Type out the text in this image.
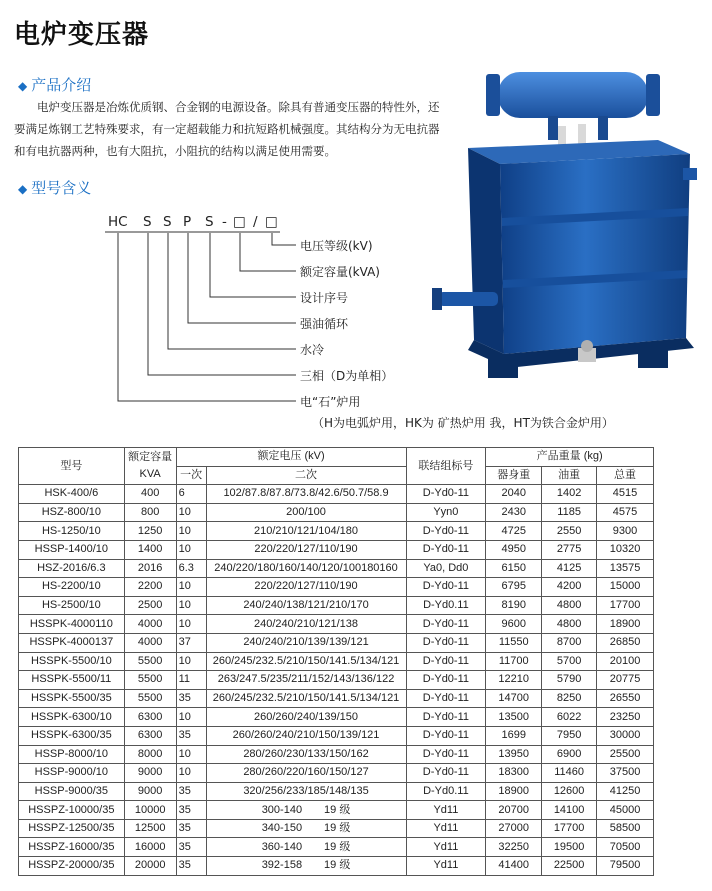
电炉变压器
◆ 产品介绍
电炉变压器是冶炼优质钢、合金钢的电源设备。除具有普通变压器的特性外，还要满足炼钢工艺特殊要求，有一定超载能力和抗短路机械强度。其结构分为无电抗器和有电抗器两种，也有大阻抗，小阻抗的结构以满足使用需要。
◆ 型号含义
HC S S P S - □ / □
电压等级(kV)
额定容量(kVA)
设计序号
强油循环
水冷
三相（D为单相）
电“石”炉用
（H为电弧炉用，HK为 矿热炉用 我，HT为铁合金炉用）
型号	额定容量
KVA	额定电压 (kV)		联结组标号	产品重量 (kg)		
		一次	二次		器身重	油重	总重
HSK-400/6	400	6	102/87.8/87.8/73.8/42.6/50.7/58.9	D-Yd0-11	2040	1402	4515
HSZ-800/10	800	10	200/100	Yyn0	2430	1185	4575
HS-1250/10	1250	10	210/210/121/104/180	D-Yd0-11	4725	2550	9300
HSSP-1400/10	1400	10	220/220/127/110/190	D-Yd0-11	4950	2775	10320
HSZ-2016/6.3	2016	6.3	240/220/180/160/140/120/100180160	Ya0, Dd0	6150	4125	13575
HS-2200/10	2200	10	220/220/127/110/190	D-Yd0-11	6795	4200	15000
HS-2500/10	2500	10	240/240/138/121/210/170	D-Yd0.11	8190	4800	17700
HSSPK-4000110	4000	10	240/240/210/121/138	D-Yd0-11	9600	4800	18900
HSSPK-4000137	4000	37	240/240/210/139/139/121	D-Yd0-11	11550	8700	26850
HSSPK-5500/10	5500	10	260/245/232.5/210/150/141.5/134/121	D-Yd0-11	11700	5700	20100
HSSPK-5500/11	5500	11	263/247.5/235/211/152/143/136/122	D-Yd0-11	12210	5790	20775
HSSPK-5500/35	5500	35	260/245/232.5/210/150/141.5/134/121	D-Yd0-11	14700	8250	26550
HSSPK-6300/10	6300	10	260/260/240/139/150	D-Yd0-11	13500	6022	23250
HSSPK-6300/35	6300	35	260/260/240/210/150/139/121	D-Yd0-11	1699	7950	30000
HSSP-8000/10	8000	10	280/260/230/133/150/162	D-Yd0-11	13950	6900	25500
HSSP-9000/10	9000	10	280/260/220/160/150/127	D-Yd0-11	18300	11460	37500
HSSP-9000/35	9000	35	320/256/233/185/148/135	D-Yd0.11	18900	12600	41250
HSSPZ-10000/35	10000	35	300-140　　19 级	Yd11	20700	14100	45000
HSSPZ-12500/35	12500	35	340-150　　19 级	Yd11	27000	17700	58500
HSSPZ-16000/35	16000	35	360-140　　19 级	Yd11	32250	19500	70500
HSSPZ-20000/35	20000	35	392-158　　19 级	Yd11	41400	22500	79500
